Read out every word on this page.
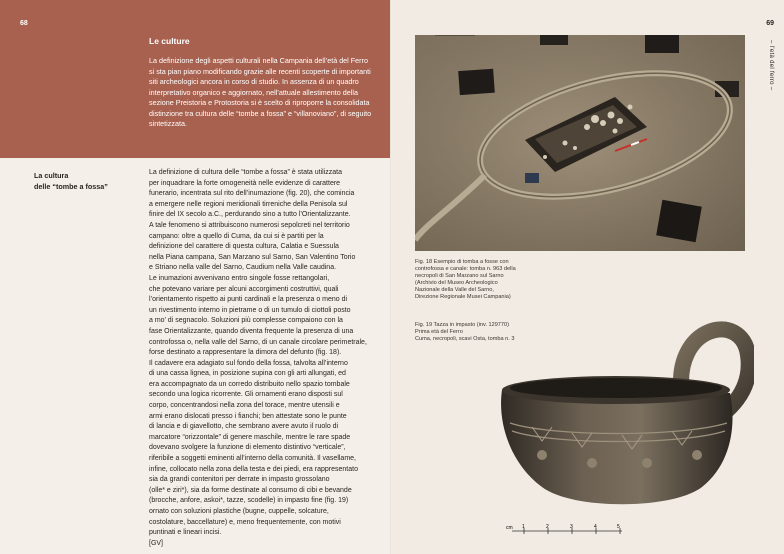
68
Le culture
La definizione degli aspetti culturali nella Campania dell’età del Ferro si sta pian piano modificando grazie alle recenti scoperte di importanti siti archeologici ancora in corso di studio. In assenza di un quadro interpretativo organico e aggiornato, nell’attuale allestimento della sezione Preistoria e Protostoria si è scelto di riproporre la consolidata distinzione tra cultura delle “tombe a fossa” e “villanoviano”, di seguito sintetizzata.
La cultura
delle “tombe a fossa”

La definizione di cultura delle “tombe a fossa” è stata utilizzata

per inquadrare la forte omogeneità nelle evidenze di carattere

funerario, incentrata sul rito dell’inumazione (fig. 20), che cominciа

a emergere nelle regioni meridionali tirreniche della Penisola sul

finire del IX secolo a.C., perdurando sino a tutto l’Orientalizzante.

A tale fenomeno si attribuiscono numerosi sepolcreti nel territorio

campano: oltre a quello di Cuma, da cui si è partiti per la

definizione del carattere di questa cultura, Calatia e Suessula

nella Piana campana, San Marzano sul Sarno, San Valentino Torio

e Striano nella valle del Sarno, Caudium nella Valle caudina.

Le inumazioni avvenivano entro singole fosse rettangolari,

che potevano variare per alcuni accorgimenti costruttivi, quali

l’orientamento rispetto ai punti cardinali e la presenza o meno di

un rivestimento interno in pietrame o di un tumulo di ciottoli posto

a mo’ di segnacolo. Soluzioni più complesse compaiono con la

fase Orientalizzante, quando diventa frequente la presenza di una

controfossa o, nella valle del Sarno, di un canale circolare perimetrale,

forse destinato a rappresentare la dimora del defunto (fig. 18).

Il cadavere era adagiato sul fondo della fossa, talvolta all’interno

di una cassa lignea, in posizione supina con gli arti allungati, ed

era accompagnato da un corredo distribuito nello spazio tombale

secondo una logica ricorrente. Gli ornamenti erano disposti sul

corpo, concentrandosi nella zona del torace, mentre utensili e

armi erano dislocati presso i fianchi; ben attestate sono le punte

di lancia e di giavellotto, che sembrano avere avuto il ruolo di

marcatore “orizzontale” di genere maschile, mentre le rare spade

dovevano svolgere la funzione di elemento distintivo “verticale”,

riferibile a soggetti eminenti all’interno della comunità. Il vasellame,

infine, collocato nella zona della testa e dei piedi, era rappresentato

sia da grandi contenitori per derrate in impasto grossolano

(olle* e ziri*), sia da forme destinate al consumo di cibi e bevande

(brocche, anfore, askoi*, tazze, scodelle) in impasto fine (fig. 19)

ornato con soluzioni plastiche (bugne, cuppelle, solcature,

costolature, baccellature) e, meno frequentemente, con motivi

puntinati e lineari incisi.

[GV]

69
– l’età del ferro –
Fig. 18 Esempio di tomba a fosse con
controfossa e canale: tomba n. 963 della
necropoli di San Marzano sul Sarno
(Archivio del Museo Archeologico
Nazionale della Valle del Sarno,
Direzione Regionale Musei Campania)
Fig. 19 Tazza in impasto (inv. 129770)
Prima età del Ferro
Cuma, necropoli, scavi Osta, tomba n. 3
cm 1	2	3	4	5
